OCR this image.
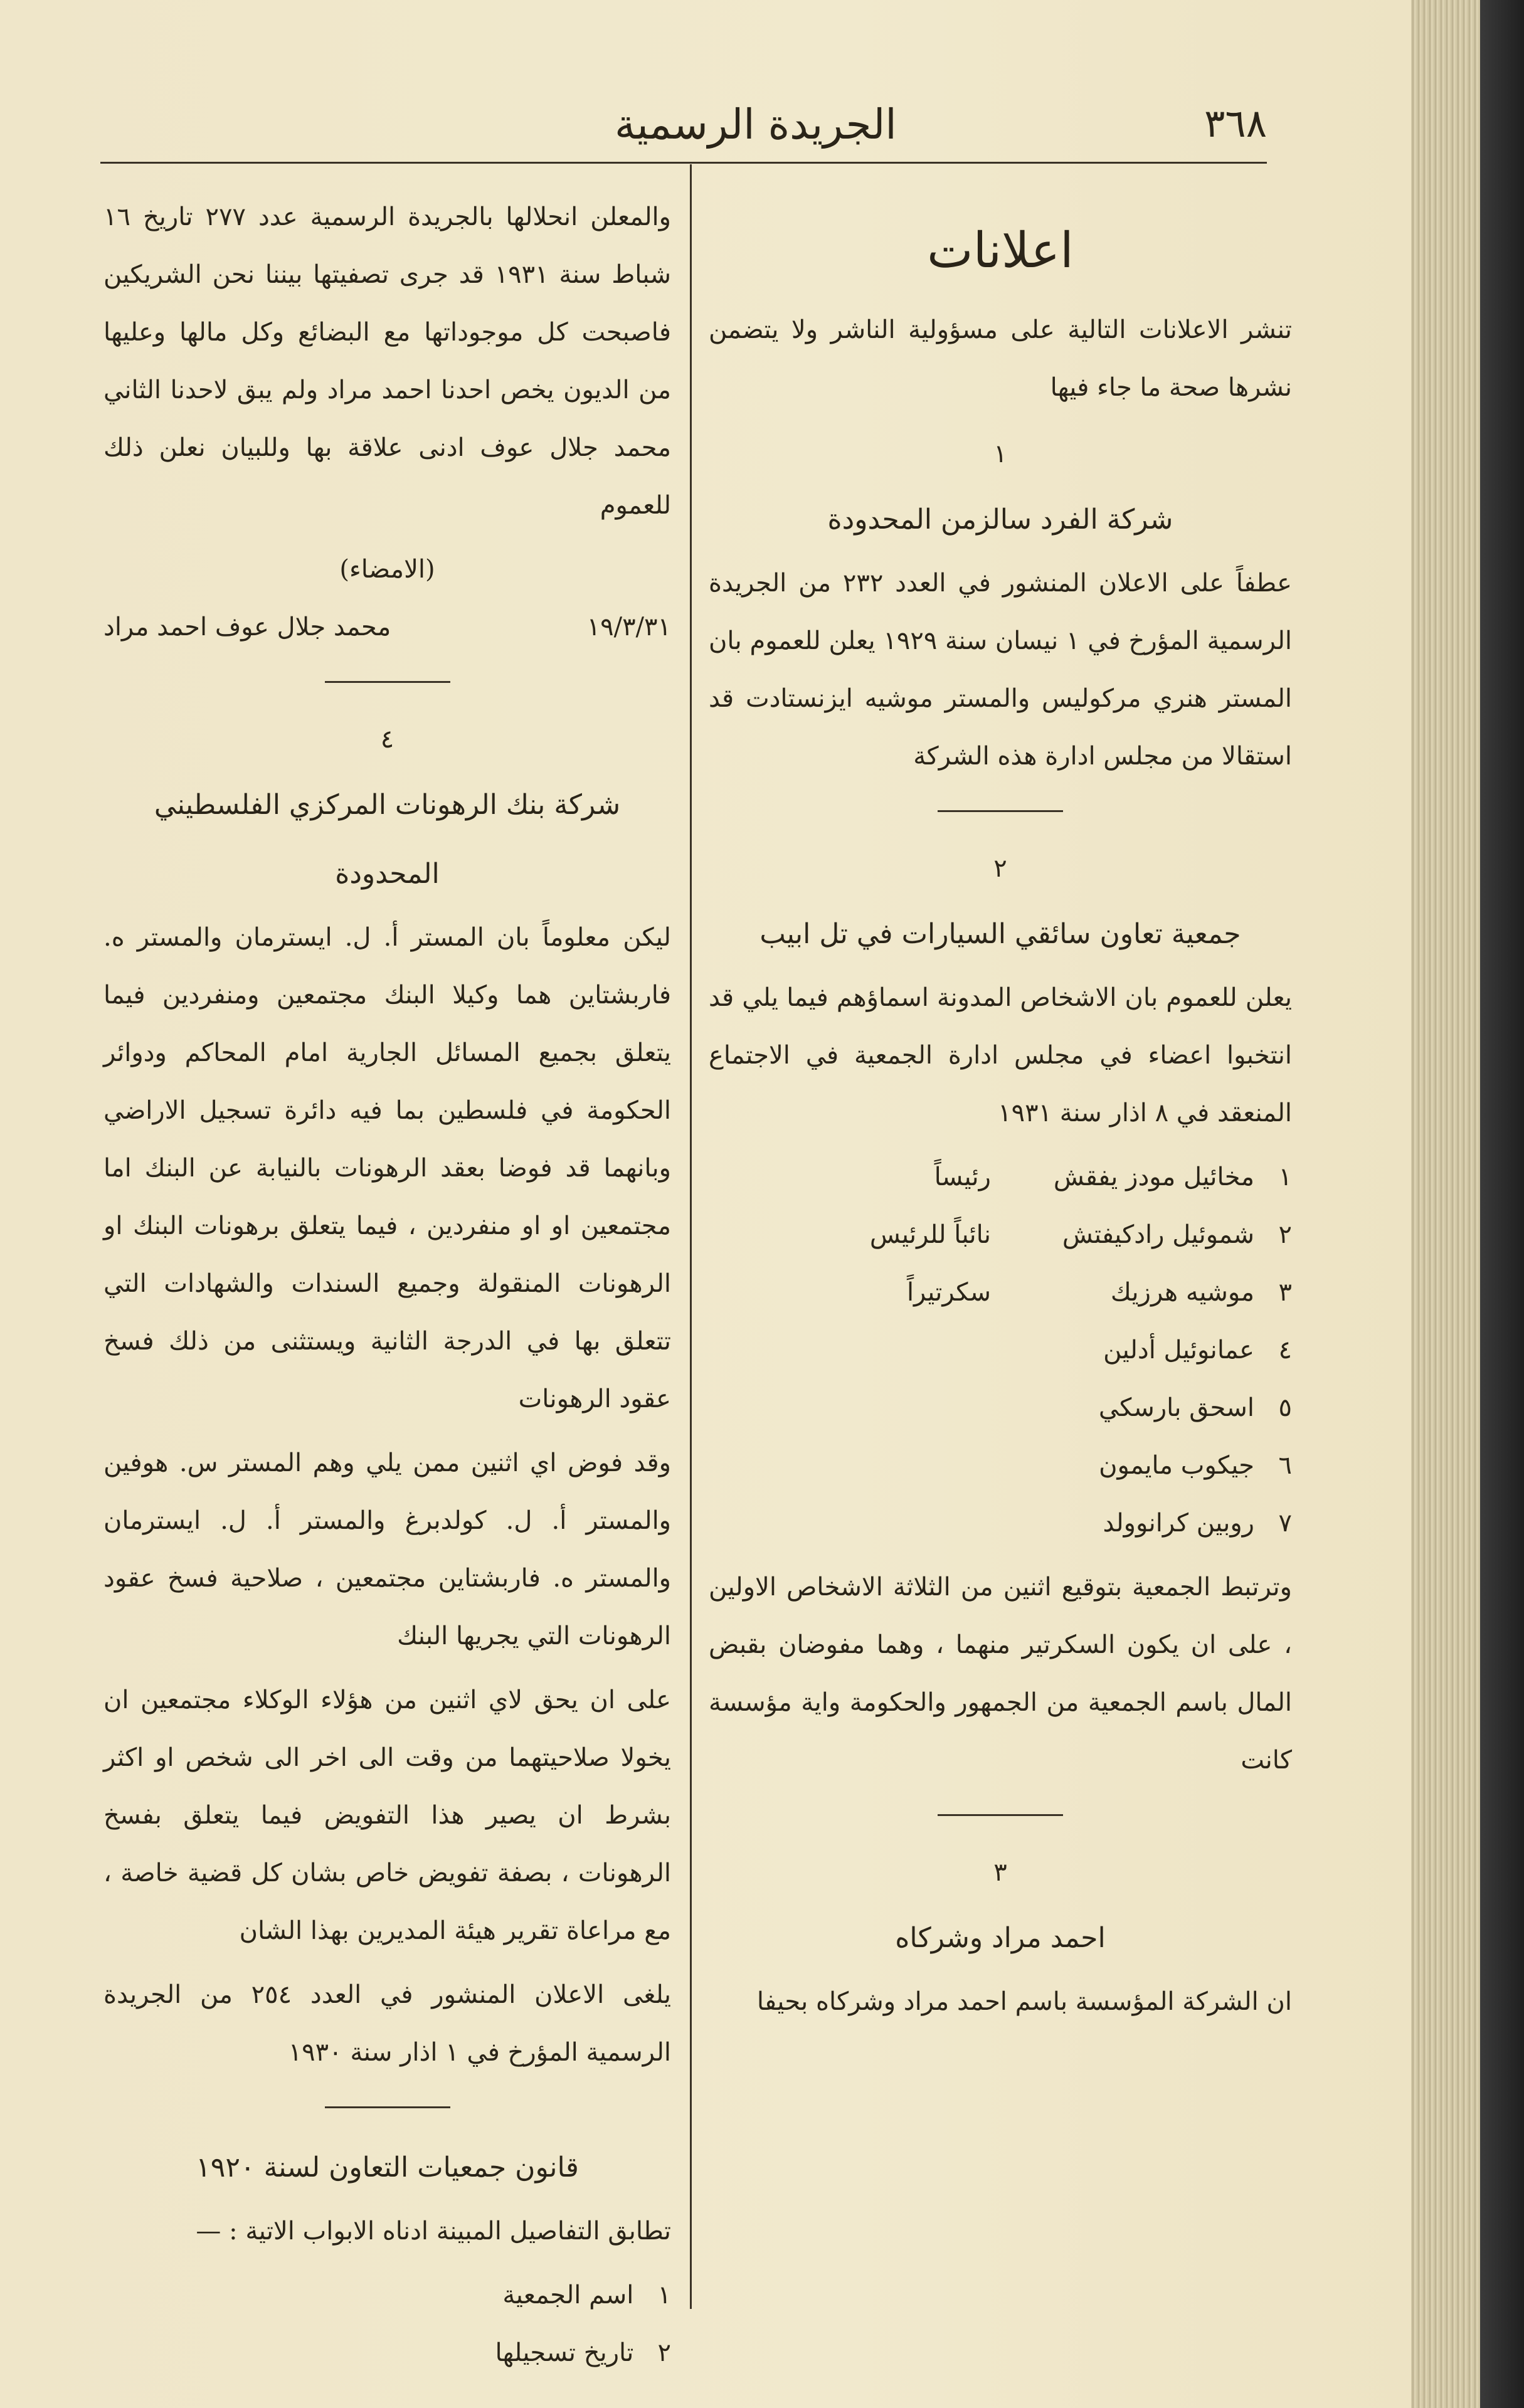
٣٦٨
الجريدة الرسمية
اعلانات

تنشر الاعلانات التالية على مسؤولية الناشر ولا يتضمن نشرها صحة ما جاء فيها

١
شركة الفرد سالزمن المحدودة

عطفاً على الاعلان المنشور في العدد ٢٣٢ من الجريدة الرسمية المؤرخ في ١ نيسان سنة ١٩٢٩ يعلن للعموم بان المستر هنري مركوليس والمستر موشيه ايزنستادت قد استقالا من مجلس ادارة هذه الشركة

٢
جمعية تعاون سائقي السيارات في تل ابيب

يعلن للعموم بان الاشخاص المدونة اسماؤهم فيما يلي قد انتخبوا اعضاء في مجلس ادارة الجمعية في الاجتماع المنعقد في ٨ اذار سنة ١٩٣١

١
مخائيل مودز يفقش
رئيساً
٢
شموئيل رادكيفتش
نائباً للرئيس
٣
موشيه هرزيك
سكرتيراً
٤
عمانوئيل أدلين
٥
اسحق بارسكي
٦
جيكوب مايمون
٧
روبين كرانوولد

وترتبط الجمعية بتوقيع اثنين من الثلاثة الاشخاص الاولين ، على ان يكون السكرتير منهما ، وهما مفوضان بقبض المال باسم الجمعية من الجمهور والحكومة واية مؤسسة كانت

٣
احمد مراد وشركاه

ان الشركة المؤسسة باسم احمد مراد وشركاه بحيفا

والمعلن انحلالها بالجريدة الرسمية عدد ٢٧٧ تاريخ ١٦ شباط سنة ١٩٣١ قد جرى تصفيتها بيننا نحن الشريكين فاصبحت كل موجوداتها مع البضائع وكل مالها وعليها من الديون يخص احدنا احمد مراد ولم يبق لاحدنا الثاني محمد جلال عوف ادنى علاقة بها وللبيان نعلن ذلك للعموم

(الامضاء)
١٩/٣/٣١
محمد جلال عوف احمد مراد
٤
شركة بنك الرهونات المركزي الفلسطيني المحدودة

ليكن معلوماً بان المستر أ. ل. ايسترمان والمستر ه. فاربشتاين هما وكيلا البنك مجتمعين ومنفردين فيما يتعلق بجميع المسائل الجارية امام المحاكم ودوائر الحكومة في فلسطين بما فيه دائرة تسجيل الاراضي وبانهما قد فوضا بعقد الرهونات بالنيابة عن البنك اما مجتمعين او او منفردين ، فيما يتعلق برهونات البنك او الرهونات المنقولة وجميع السندات والشهادات التي تتعلق بها في الدرجة الثانية ويستثنى من ذلك فسخ عقود الرهونات

وقد فوض اي اثنين ممن يلي وهم المستر س. هوفين والمستر أ. ل. كولدبرغ والمستر أ. ل. ايسترمان والمستر ه. فاربشتاين مجتمعين ، صلاحية فسخ عقود الرهونات التي يجريها البنك

على ان يحق لاي اثنين من هؤلاء الوكلاء مجتمعين ان يخولا صلاحيتهما من وقت الى اخر الى شخص او اكثر بشرط ان يصير هذا التفويض فيما يتعلق بفسخ الرهونات ، بصفة تفويض خاص بشان كل قضية خاصة ، مع مراعاة تقرير هيئة المديرين بهذا الشان

يلغى الاعلان المنشور في العدد ٢٥٤ من الجريدة الرسمية المؤرخ في ١ اذار سنة ١٩٣٠

قانون جمعيات التعاون لسنة ١٩٢٠

تطابق التفاصيل المبينة ادناه الابواب الاتية : —

١   اسم الجمعية
٢   تاريخ تسجيلها
